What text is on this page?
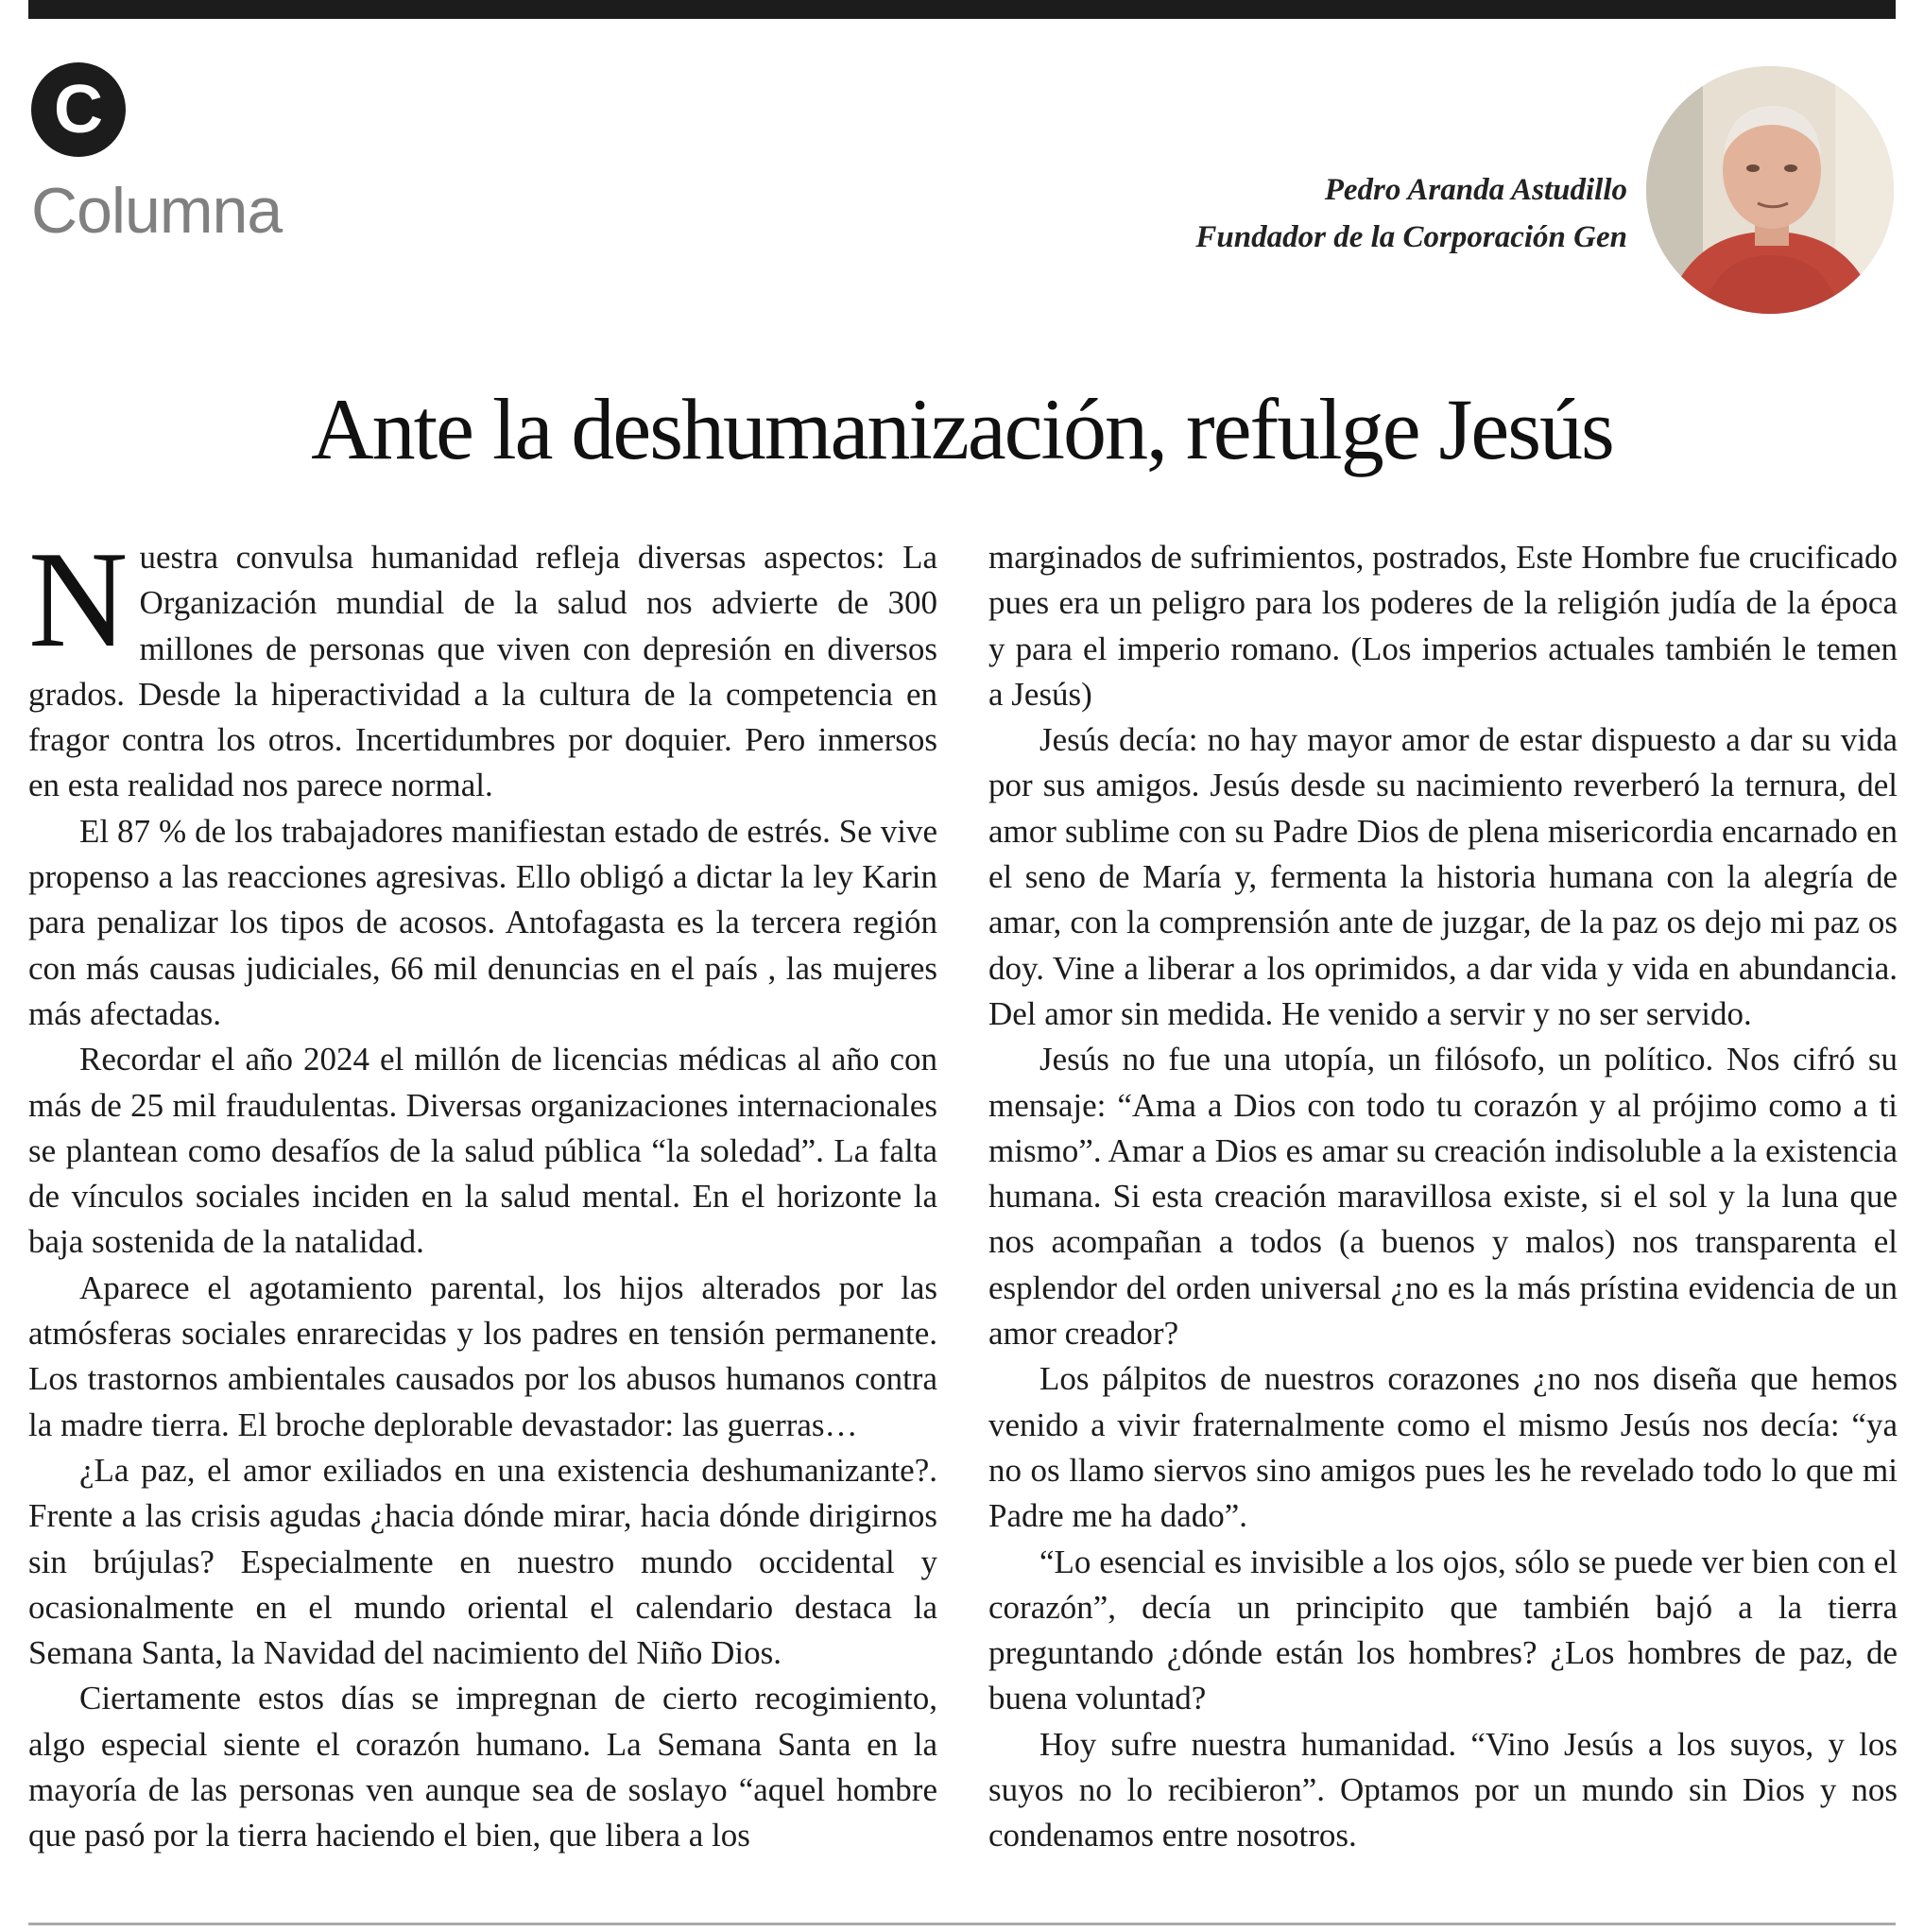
C
Columna	Pedro Aranda Astudillo
Fundador de la Corporación Gen
Ante la deshumanización, refulge Jesús

Nuestra convulsa humanidad refleja diversas aspectos: La Organización mundial de la salud nos advierte de 300 millones de personas que viven con depresión en diversos grados. Desde la hiperactividad a la cultura de la competencia en fragor contra los otros. Incertidumbres por doquier. Pero inmersos en esta realidad nos parece normal.

El 87 % de los trabajadores manifiestan estado de estrés. Se vive propenso a las reacciones agresivas. Ello obligó a dictar la ley Karin para penalizar los tipos de acosos. Antofagasta es la tercera región con más causas judiciales, 66 mil denuncias en el país , las mujeres más afectadas.

Recordar el año 2024 el millón de licencias médicas al año con más de 25 mil fraudulentas. Diversas organizaciones internacionales se plantean como desafíos de la salud pública “la soledad”. La falta de vínculos sociales inciden en la salud mental. En el horizonte la baja sostenida de la natalidad.

Aparece el agotamiento parental, los hijos alterados por las atmósferas sociales enrarecidas y los padres en tensión permanente. Los trastornos ambientales causados por los abusos humanos contra la madre tierra. El broche deplorable devastador: las guerras…

¿La paz, el amor exiliados en una existencia deshumanizante?. Frente a las crisis agudas ¿hacia dónde mirar, hacia dónde dirigirnos sin brújulas? Especialmente en nuestro mundo occidental y ocasionalmente en el mundo oriental el calendario destaca la Semana Santa, la Navidad del nacimiento del Niño Dios.

Ciertamente estos días se impregnan de cierto recogimiento, algo especial siente el corazón humano. La Semana Santa en la mayoría de las personas ven aunque sea de soslayo “aquel hombre que pasó por la tierra haciendo el bien, que libera a los

marginados de sufrimientos, postrados, Este Hombre fue crucificado pues era un peligro para los poderes de la religión judía de la época y para el imperio romano. (Los imperios actuales también le temen a Jesús)

Jesús decía: no hay mayor amor de estar dispuesto a dar su vida por sus amigos. Jesús desde su nacimiento reverberó la ternura, del amor sublime con su Padre Dios de plena misericordia encarnado en el seno de María y, fermenta la historia humana con la alegría de amar, con la comprensión ante de juzgar, de la paz os dejo mi paz os doy. Vine a liberar a los oprimidos, a dar vida y vida en abundancia. Del amor sin medida. He venido a servir y no ser servido.

Jesús no fue una utopía, un filósofo, un político. Nos cifró su mensaje: “Ama a Dios con todo tu corazón y al prójimo como a ti mismo”. Amar a Dios es amar su creación indisoluble a la existencia humana. Si esta creación maravillosa existe, si el sol y la luna que nos acompañan a todos (a buenos y malos) nos transparenta el esplendor del orden universal ¿no es la más prístina evidencia de un amor creador?

Los pálpitos de nuestros corazones ¿no nos diseña que hemos venido a vivir fraternalmente como el mismo Jesús nos decía: “ya no os llamo siervos sino amigos pues les he revelado todo lo que mi Padre me ha dado”.

“Lo esencial es invisible a los ojos, sólo se puede ver bien con el corazón”, decía un principito que también bajó a la tierra preguntando ¿dónde están los hombres? ¿Los hombres de paz, de buena voluntad?

Hoy sufre nuestra humanidad. “Vino Jesús a los suyos, y los suyos no lo recibieron”. Optamos por un mundo sin Dios y nos condenamos entre nosotros.
